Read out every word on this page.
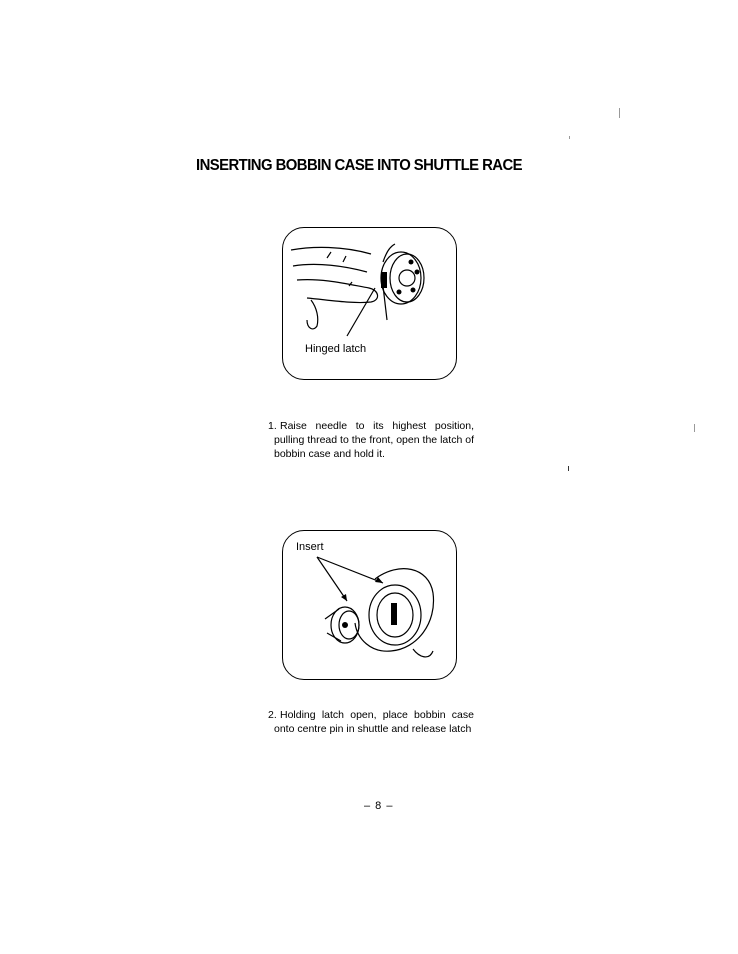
INSERTING BOBBIN CASE INTO SHUTTLE RACE
Hinged latch
1. Raise needle to its highest position, pulling thread to the front, open the latch of bobbin case and hold it.
Insert
2. Holding latch open, place bobbin case onto centre pin in shuttle and release latch
– 8 –
